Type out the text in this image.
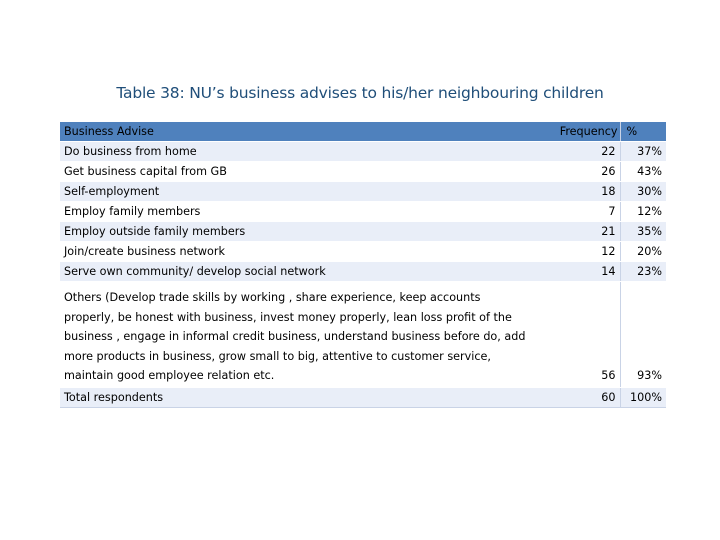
Table 38: NU’s business advises to his/her neighbouring children
Business Advise	Frequency	%
Do business from home	22	37%
Get business capital from GB	26	43%
Self-employment	18	30%
Employ family members	7	12%
Employ outside family members	21	35%
Join/create business network	12	20%
Serve own community/ develop social network	14	23%
Others (Develop trade skills by working , share experience, keep accounts properly, be honest with business, invest money properly, lean loss profit of the business , engage in informal credit business, understand business before do, add more products in business, grow small to big, attentive to customer service, maintain good employee relation etc.	56	93%
Total respondents	60	100%
